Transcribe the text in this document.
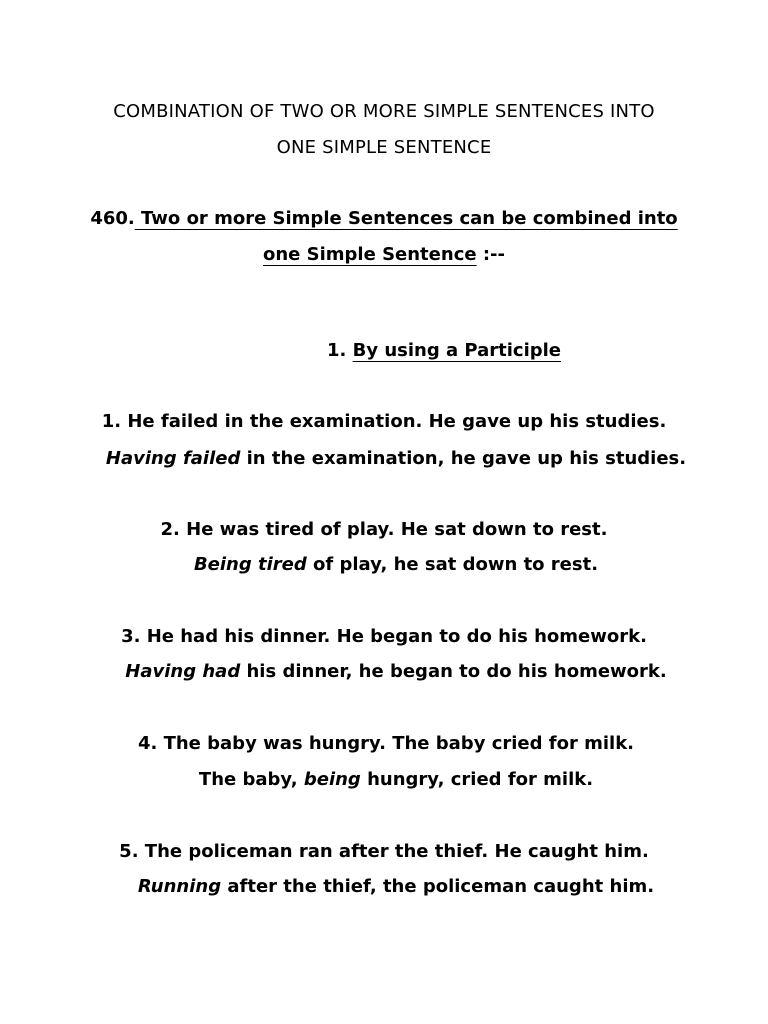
COMBINATION OF TWO OR MORE SIMPLE SENTENCES INTO
ONE SIMPLE SENTENCE
460. Two or more Simple Sentences can be combined into
one Simple Sentence :--
1. By using a Participle
1. He failed in the examination. He gave up his studies.
Having failed in the examination, he gave up his studies.
2. He was tired of play. He sat down to rest.
Being tired of play, he sat down to rest.
3. He had his dinner. He began to do his homework.
Having had his dinner, he began to do his homework.
4. The baby was hungry. The baby cried for milk.
The baby, being hungry, cried for milk.
5. The policeman ran after the thief. He caught him.
Running after the thief, the policeman caught him.
